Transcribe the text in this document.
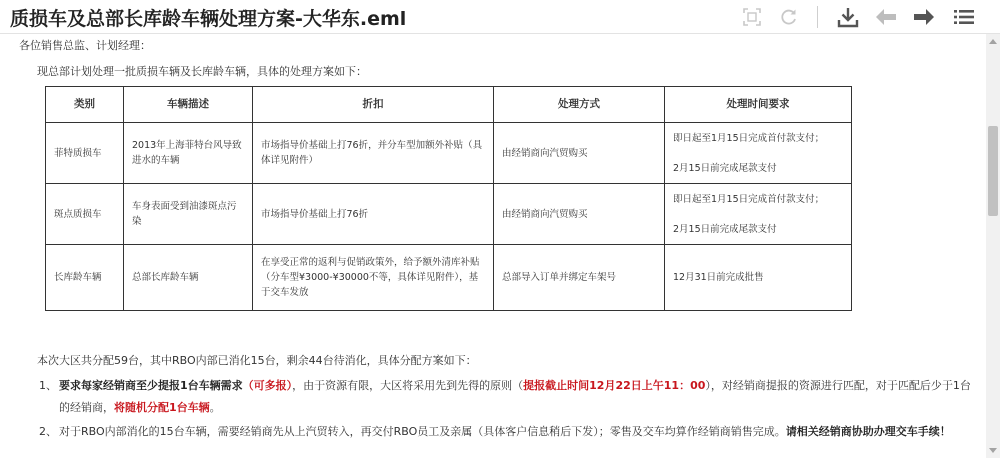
质损车及总部长库龄车辆处理方案-大华东.eml
各位销售总监、计划经理：
现总部计划处理一批质损车辆及长库龄车辆，具体的处理方案如下：
类别	车辆描述	折扣	处理方式	处理时间要求
菲特质损车	2013年上海菲特台风导致进水的车辆	市场指导价基础上打76折，并分车型加额外补贴（具体详见附件）	由经销商向汽贸购买	即日起至1月15日完成首付款支付；

2月15日前完成尾款支付

斑点质损车	车身表面受到油漆斑点污染	市场指导价基础上打76折	由经销商向汽贸购买	即日起至1月15日完成首付款支付；

2月15日前完成尾款支付

长库龄车辆	总部长库龄车辆	在享受正常的返利与促销政策外，给予额外清库补贴（分车型¥3000-¥30000不等，具体详见附件），基于交车发放	总部导入订单并绑定车架号	12月31日前完成批售
本次大区共分配59台，其中RBO内部已消化15台，剩余44台待消化，具体分配方案如下：
1、 要求每家经销商至少提报1台车辆需求（可多报），由于资源有限，大区将采用先到先得的原则（提报截止时间12月22日上午11：00），对经销商提报的资源进行匹配，对于匹配后少于1台的经销商，将随机分配1台车辆。
2、 对于RBO内部消化的15台车辆，需要经销商先从上汽贸转入，再交付RBO员工及亲属（具体客户信息稍后下发）；零售及交车均算作经销商销售完成。请相关经销商协助办理交车手续！
